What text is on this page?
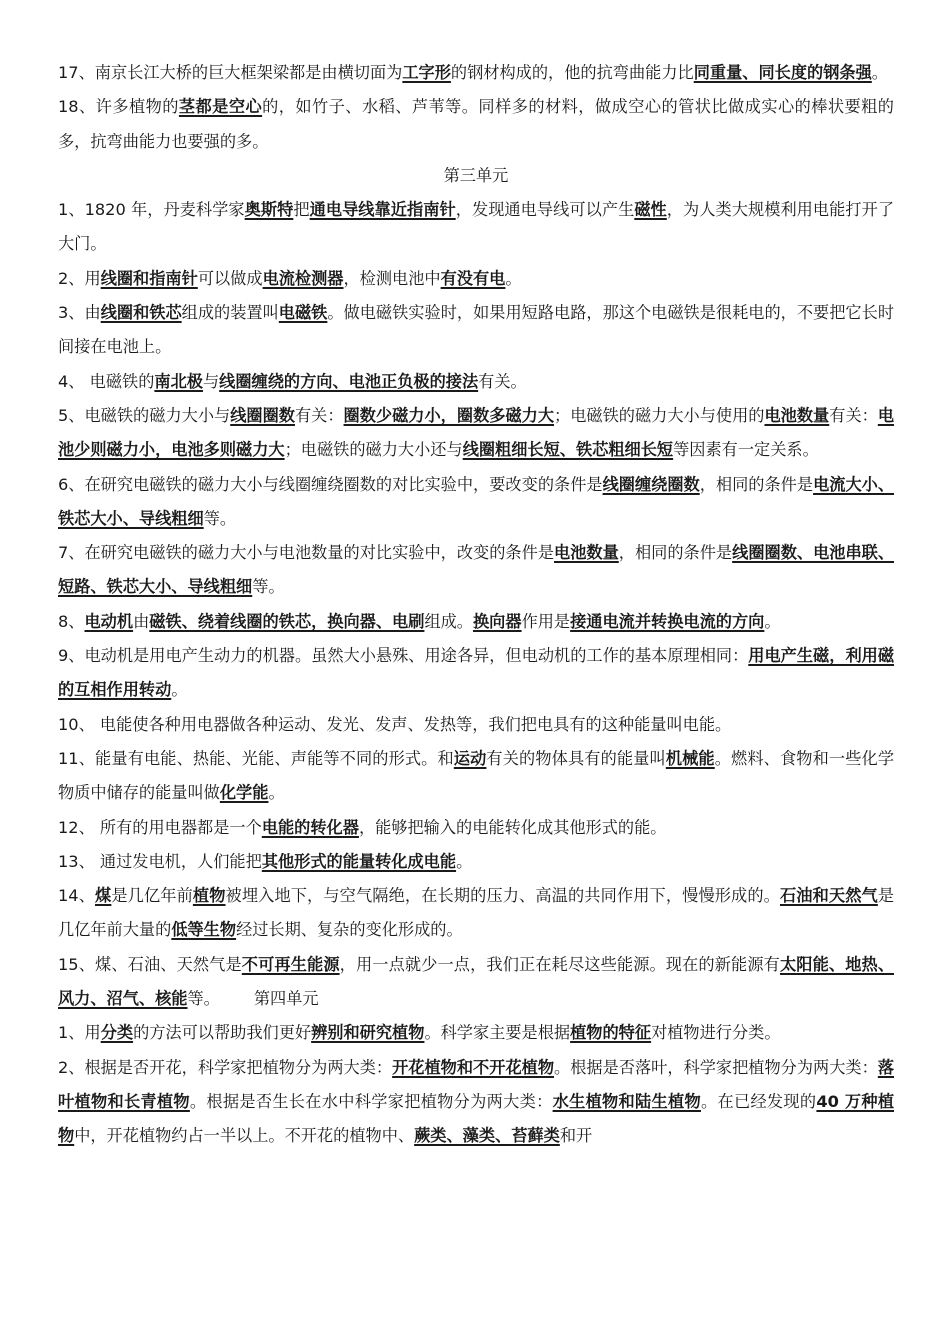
17、南京长江大桥的巨大框架梁都是由横切面为工字形的钢材构成的，他的抗弯曲能力比同重量、同长度的钢条强。

18、许多植物的茎都是空心的，如竹子、水稻、芦苇等。同样多的材料，做成空心的管状比做成实心的棒状要粗的多，抗弯曲能力也要强的多。

第三单元

1、1820 年，丹麦科学家奥斯特把通电导线靠近指南针，发现通电导线可以产生磁性，为人类大规模利用电能打开了大门。

2、用线圈和指南针可以做成电流检测器，检测电池中有没有电。

3、由线圈和铁芯组成的装置叫电磁铁。做电磁铁实验时，如果用短路电路，那这个电磁铁是很耗电的，不要把它长时间接在电池上。

4、 电磁铁的南北极与线圈缠绕的方向、电池正负极的接法有关。

5、电磁铁的磁力大小与线圈圈数有关：圈数少磁力小，圈数多磁力大；电磁铁的磁力大小与使用的电池数量有关：电池少则磁力小，电池多则磁力大；电磁铁的磁力大小还与线圈粗细长短、铁芯粗细长短等因素有一定关系。

6、在研究电磁铁的磁力大小与线圈缠绕圈数的对比实验中，要改变的条件是线圈缠绕圈数，相同的条件是电流大小、铁芯大小、导线粗细等。

7、在研究电磁铁的磁力大小与电池数量的对比实验中，改变的条件是电池数量，相同的条件是线圈圈数、电池串联、短路、铁芯大小、导线粗细等。

8、电动机由磁铁、绕着线圈的铁芯，换向器、电刷组成。换向器作用是接通电流并转换电流的方向。

9、电动机是用电产生动力的机器。虽然大小悬殊、用途各异，但电动机的工作的基本原理相同：用电产生磁，利用磁的互相作用转动。

10、 电能使各种用电器做各种运动、发光、发声、发热等，我们把电具有的这种能量叫电能。

11、能量有电能、热能、光能、声能等不同的形式。和运动有关的物体具有的能量叫机械能。燃料、食物和一些化学物质中储存的能量叫做化学能。

12、 所有的用电器都是一个电能的转化器，能够把输入的电能转化成其他形式的能。

13、 通过发电机，人们能把其他形式的能量转化成电能。

14、煤是几亿年前植物被埋入地下，与空气隔绝，在长期的压力、高温的共同作用下，慢慢形成的。石油和天然气是几亿年前大量的低等生物经过长期、复杂的变化形成的。

15、煤、石油、天然气是不可再生能源，用一点就少一点，我们正在耗尽这些能源。现在的新能源有太阳能、地热、风力、沼气、核能等。 第四单元

1、用分类的方法可以帮助我们更好辨别和研究植物。科学家主要是根据植物的特征对植物进行分类。

2、根据是否开花，科学家把植物分为两大类：开花植物和不开花植物。根据是否落叶，科学家把植物分为两大类：落叶植物和长青植物。根据是否生长在水中科学家把植物分为两大类：水生植物和陆生植物。在已经发现的40 万种植物中，开花植物约占一半以上。不开花的植物中、蕨类、藻类、苔藓类和开
